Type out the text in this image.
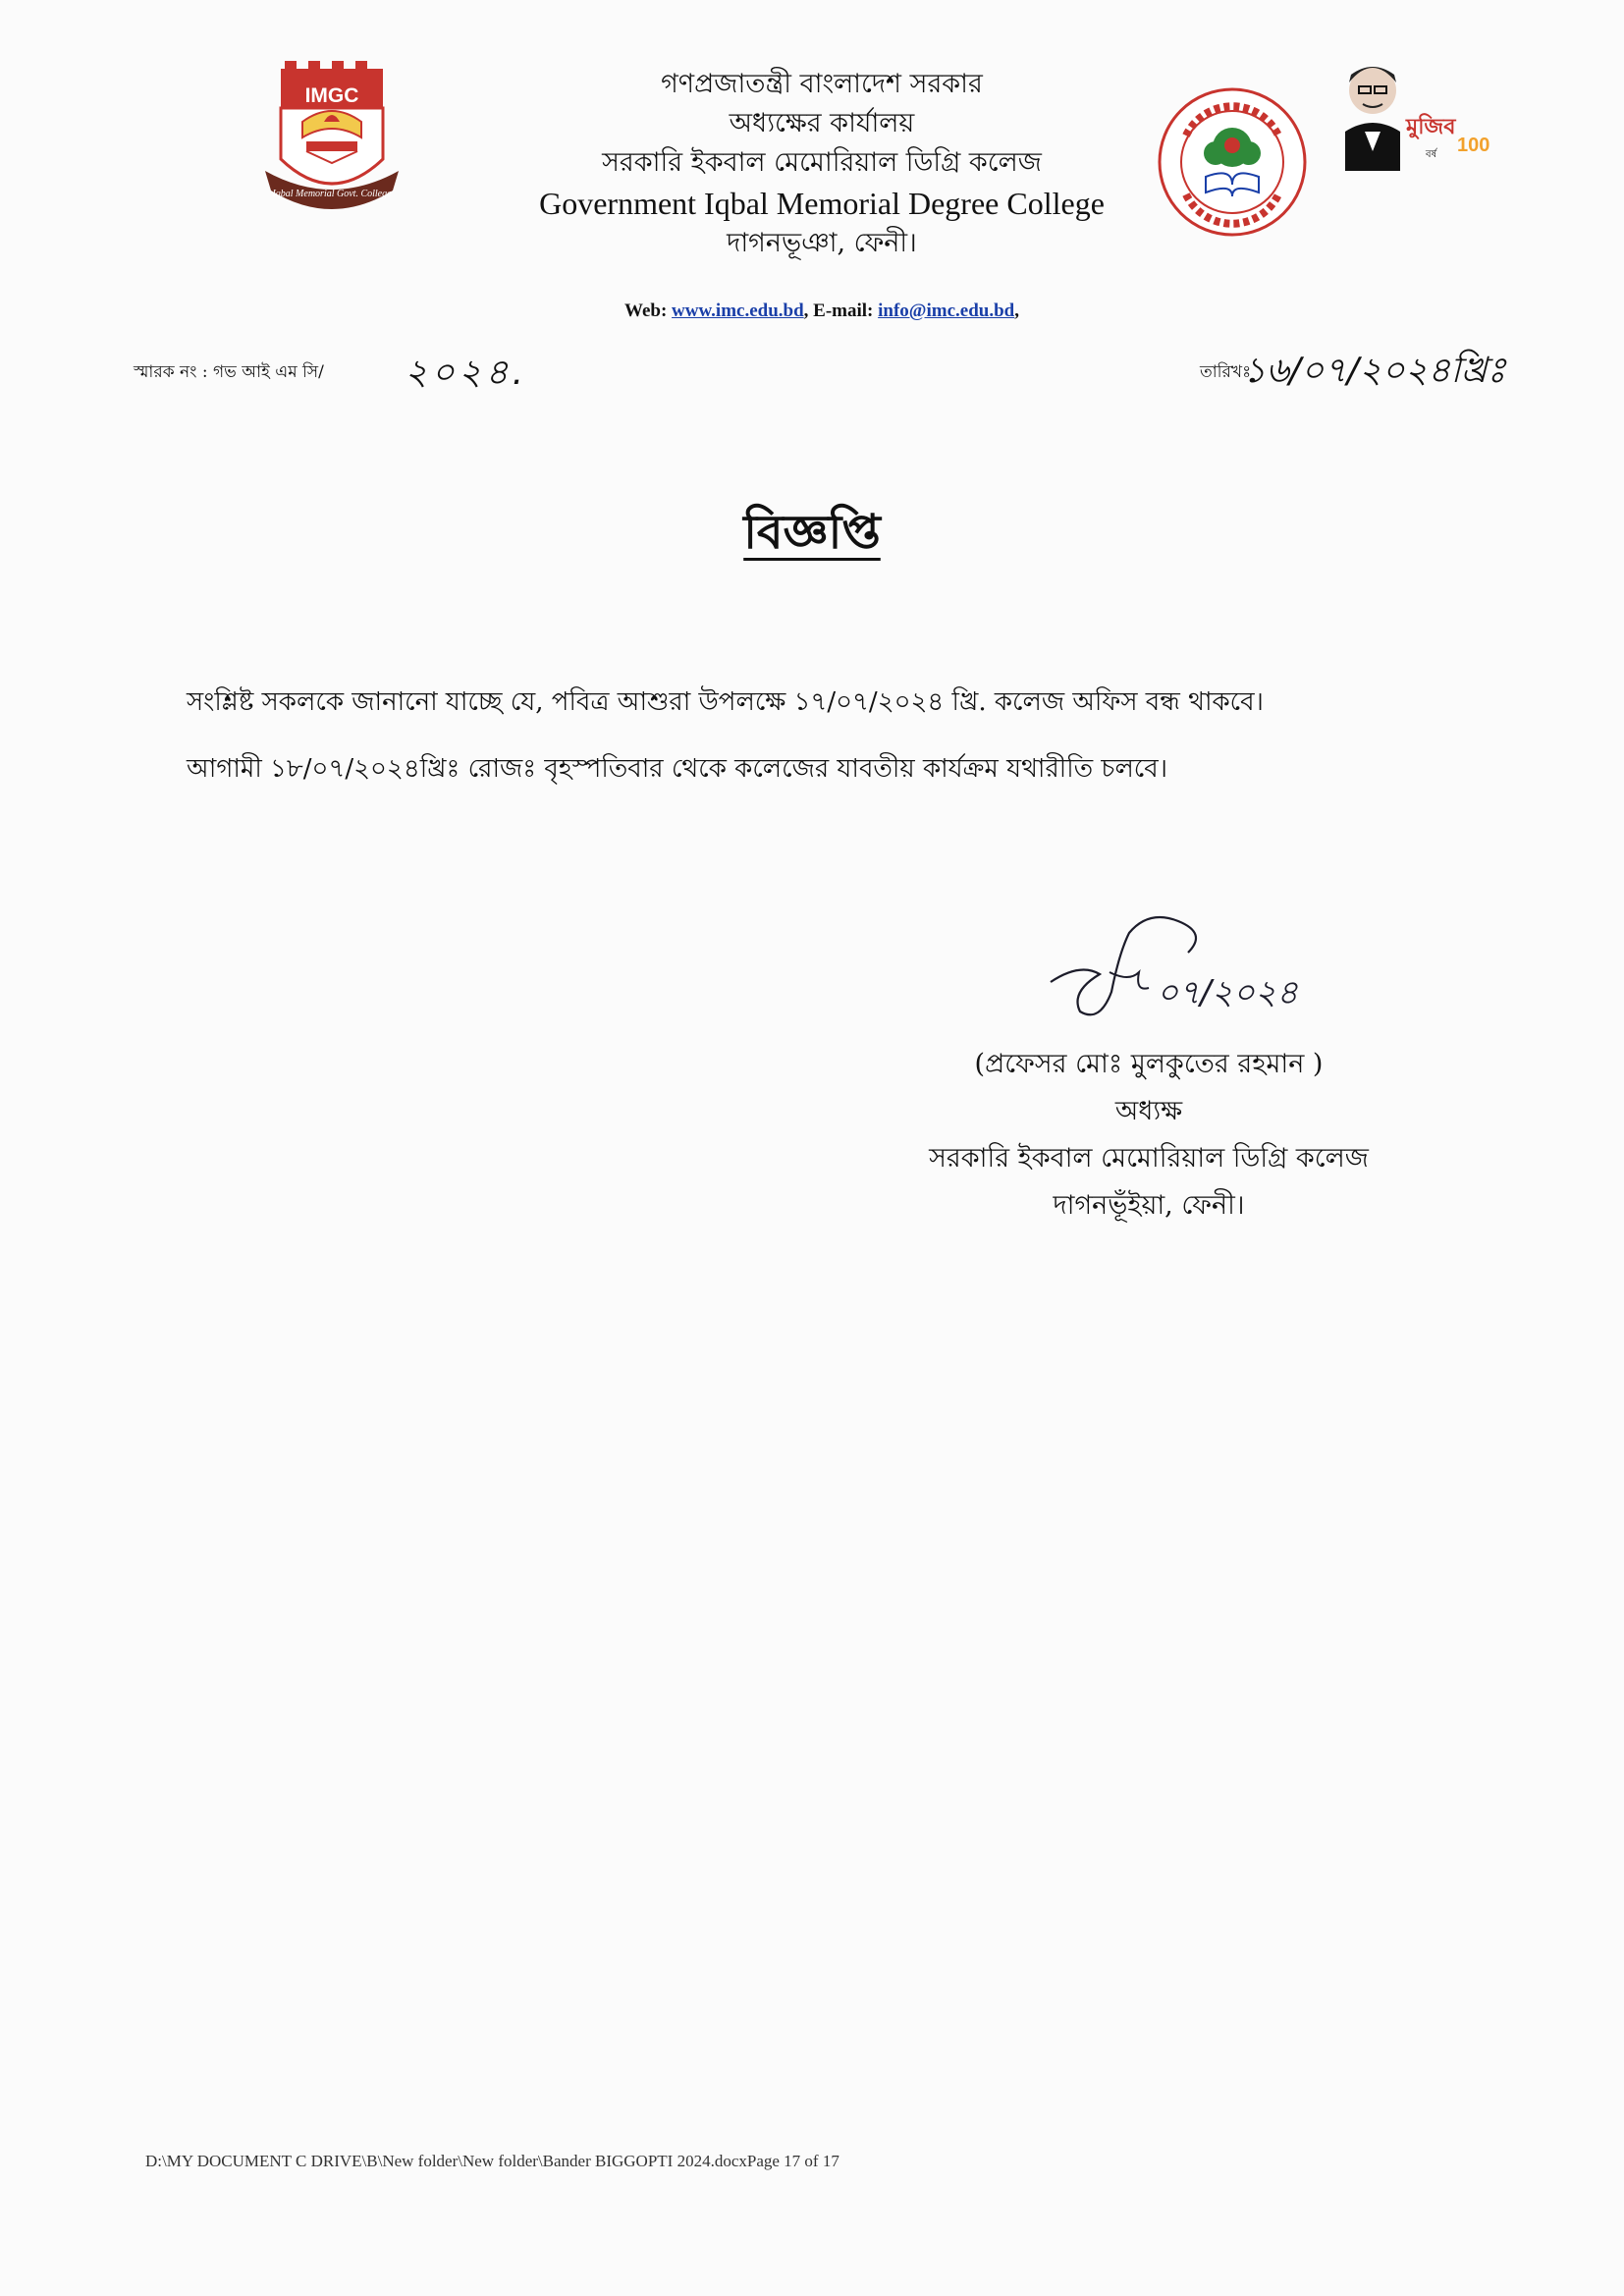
IMGC
Iqbal Memorial Govt. College
গণপ্রজাতন্ত্রী বাংলাদেশ সরকার
অধ্যক্ষের কার্যালয়
সরকারি ইকবাল মেমোরিয়াল ডিগ্রি কলেজ
Government Iqbal Memorial Degree College
দাগনভূঞা, ফেনী।
মুজিব
100
বর্ষ
Web: www.imc.edu.bd, E-mail: info@imc.edu.bd,
স্মারক নং : গভ আই এম সি/ ২০২৪.	তারিখঃ
১৬/০৭/২০২৪খ্রিঃ
বিজ্ঞপ্তি
সংশ্লিষ্ট সকলকে জানানো যাচ্ছে যে, পবিত্র আশুরা উপলক্ষে ১৭/০৭/২০২৪ খ্রি. কলেজ অফিস বন্ধ থাকবে।
আগামী ১৮/০৭/২০২৪খ্রিঃ রোজঃ বৃহস্পতিবার থেকে কলেজের যাবতীয় কার্যক্রম যথারীতি চলবে।
০৭/২০২৪
(প্রফেসর মোঃ মুলকুতের রহমান )
অধ্যক্ষ
সরকারি ইকবাল মেমোরিয়াল ডিগ্রি কলেজ
দাগনভূঁইয়া, ফেনী।
D:\MY DOCUMENT C DRIVE\B\New folder\New folder\Bander BIGGOPTI 2024.docxPage 17 of 17
